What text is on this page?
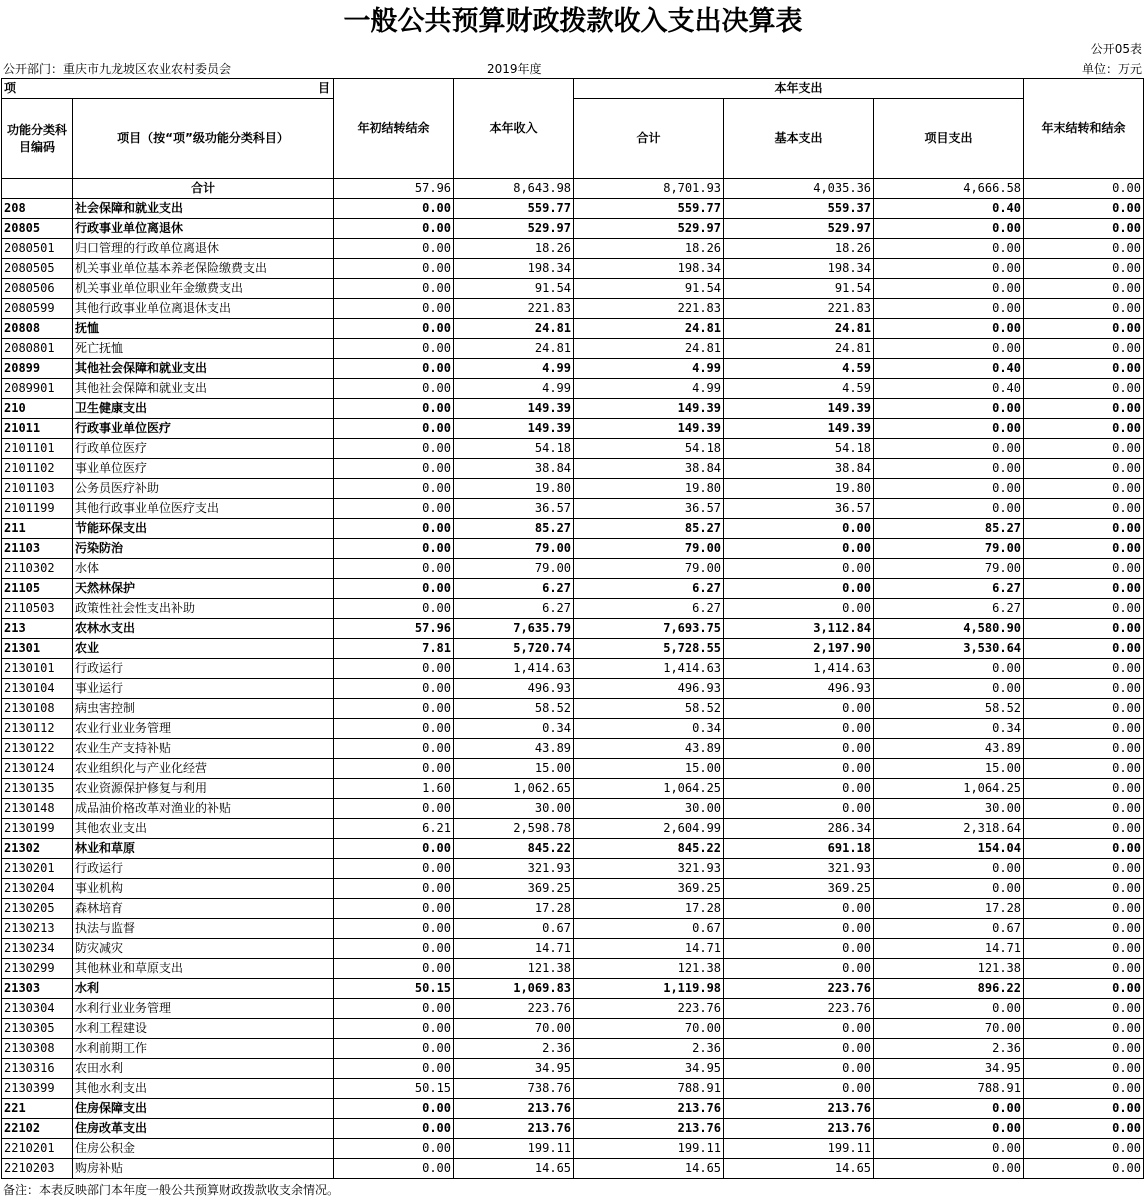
一般公共预算财政拨款收入支出决算表
公开05表
公开部门：重庆市九龙坡区农业农村委员会	2019年度	单位：万元
项 目		年初结转结余	本年收入	本年支出			年末结转和结余
功能分类科目编码	项目（按“项”级功能分类科目）			合计	基本支出	项目支出	
	合计	57.96	8,643.98	8,701.93	4,035.36	4,666.58	0.00
208	社会保障和就业支出	0.00	559.77	559.77	559.37	0.40	0.00
20805	行政事业单位离退休	0.00	529.97	529.97	529.97	0.00	0.00
2080501	归口管理的行政单位离退休	0.00	18.26	18.26	18.26	0.00	0.00
2080505	机关事业单位基本养老保险缴费支出	0.00	198.34	198.34	198.34	0.00	0.00
2080506	机关事业单位职业年金缴费支出	0.00	91.54	91.54	91.54	0.00	0.00
2080599	其他行政事业单位离退休支出	0.00	221.83	221.83	221.83	0.00	0.00
20808	抚恤	0.00	24.81	24.81	24.81	0.00	0.00
2080801	死亡抚恤	0.00	24.81	24.81	24.81	0.00	0.00
20899	其他社会保障和就业支出	0.00	4.99	4.99	4.59	0.40	0.00
2089901	其他社会保障和就业支出	0.00	4.99	4.99	4.59	0.40	0.00
210	卫生健康支出	0.00	149.39	149.39	149.39	0.00	0.00
21011	行政事业单位医疗	0.00	149.39	149.39	149.39	0.00	0.00
2101101	行政单位医疗	0.00	54.18	54.18	54.18	0.00	0.00
2101102	事业单位医疗	0.00	38.84	38.84	38.84	0.00	0.00
2101103	公务员医疗补助	0.00	19.80	19.80	19.80	0.00	0.00
2101199	其他行政事业单位医疗支出	0.00	36.57	36.57	36.57	0.00	0.00
211	节能环保支出	0.00	85.27	85.27	0.00	85.27	0.00
21103	污染防治	0.00	79.00	79.00	0.00	79.00	0.00
2110302	水体	0.00	79.00	79.00	0.00	79.00	0.00
21105	天然林保护	0.00	6.27	6.27	0.00	6.27	0.00
2110503	政策性社会性支出补助	0.00	6.27	6.27	0.00	6.27	0.00
213	农林水支出	57.96	7,635.79	7,693.75	3,112.84	4,580.90	0.00
21301	农业	7.81	5,720.74	5,728.55	2,197.90	3,530.64	0.00
2130101	行政运行	0.00	1,414.63	1,414.63	1,414.63	0.00	0.00
2130104	事业运行	0.00	496.93	496.93	496.93	0.00	0.00
2130108	病虫害控制	0.00	58.52	58.52	0.00	58.52	0.00
2130112	农业行业业务管理	0.00	0.34	0.34	0.00	0.34	0.00
2130122	农业生产支持补贴	0.00	43.89	43.89	0.00	43.89	0.00
2130124	农业组织化与产业化经营	0.00	15.00	15.00	0.00	15.00	0.00
2130135	农业资源保护修复与利用	1.60	1,062.65	1,064.25	0.00	1,064.25	0.00
2130148	成品油价格改革对渔业的补贴	0.00	30.00	30.00	0.00	30.00	0.00
2130199	其他农业支出	6.21	2,598.78	2,604.99	286.34	2,318.64	0.00
21302	林业和草原	0.00	845.22	845.22	691.18	154.04	0.00
2130201	行政运行	0.00	321.93	321.93	321.93	0.00	0.00
2130204	事业机构	0.00	369.25	369.25	369.25	0.00	0.00
2130205	森林培育	0.00	17.28	17.28	0.00	17.28	0.00
2130213	执法与监督	0.00	0.67	0.67	0.00	0.67	0.00
2130234	防灾减灾	0.00	14.71	14.71	0.00	14.71	0.00
2130299	其他林业和草原支出	0.00	121.38	121.38	0.00	121.38	0.00
21303	水利	50.15	1,069.83	1,119.98	223.76	896.22	0.00
2130304	水利行业业务管理	0.00	223.76	223.76	223.76	0.00	0.00
2130305	水利工程建设	0.00	70.00	70.00	0.00	70.00	0.00
2130308	水利前期工作	0.00	2.36	2.36	0.00	2.36	0.00
2130316	农田水利	0.00	34.95	34.95	0.00	34.95	0.00
2130399	其他水利支出	50.15	738.76	788.91	0.00	788.91	0.00
221	住房保障支出	0.00	213.76	213.76	213.76	0.00	0.00
22102	住房改革支出	0.00	213.76	213.76	213.76	0.00	0.00
2210201	住房公积金	0.00	199.11	199.11	199.11	0.00	0.00
2210203	购房补贴	0.00	14.65	14.65	14.65	0.00	0.00
备注：本表反映部门本年度一般公共预算财政拨款收支余情况。
